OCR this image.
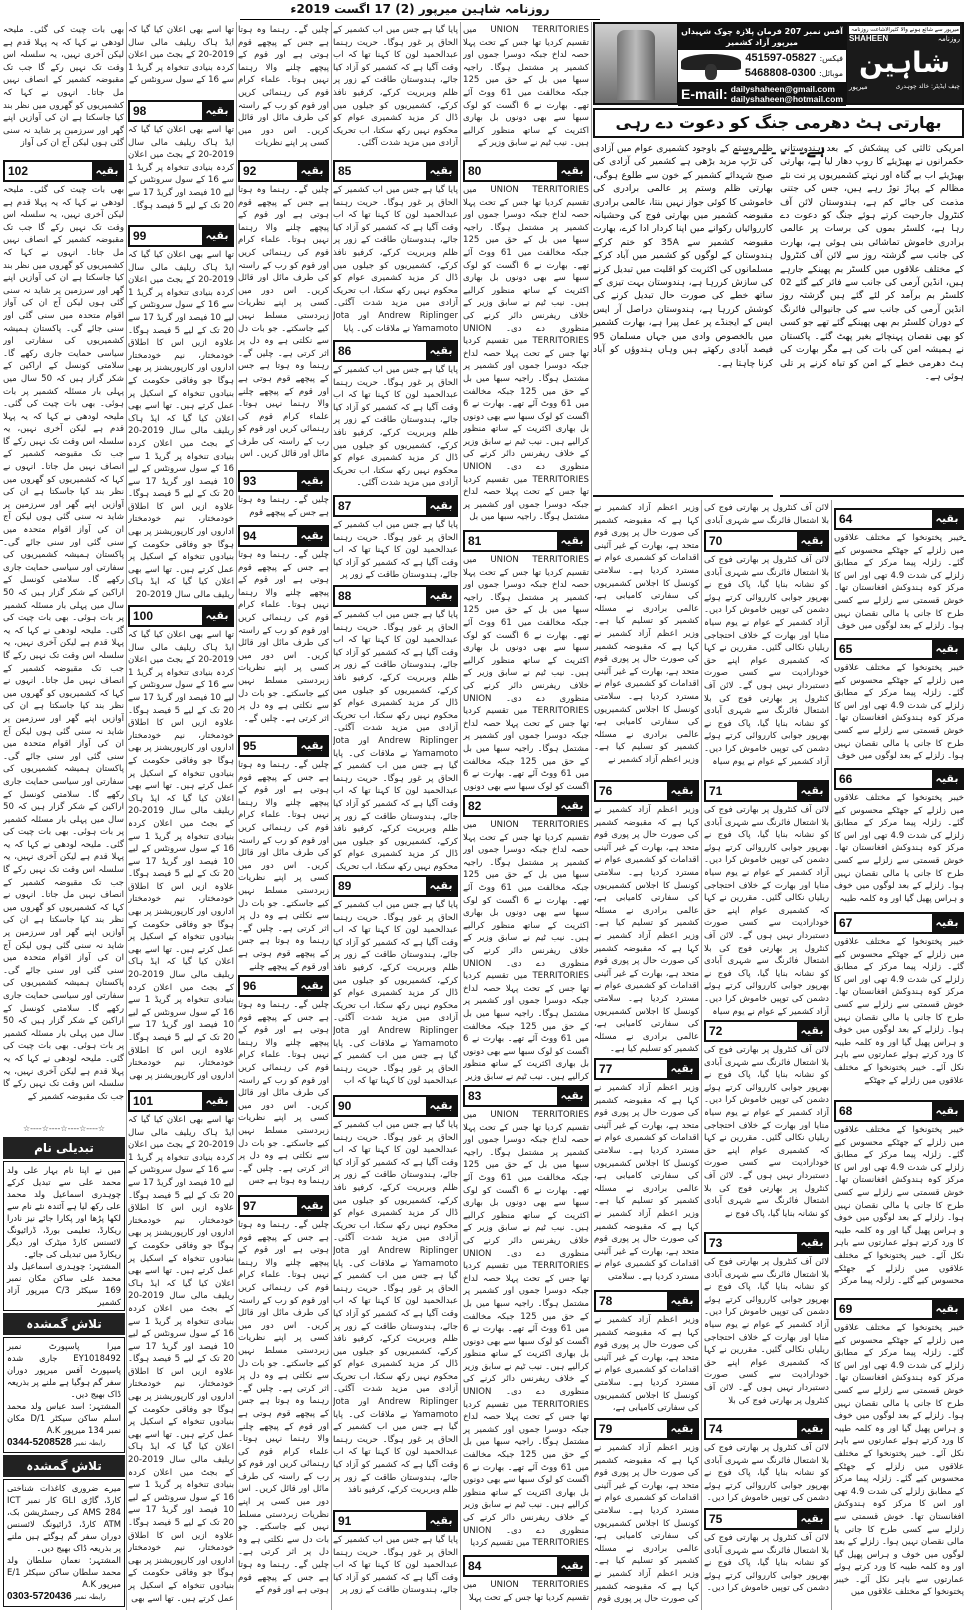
روزنامہ شاہین میرپور (2) 17 اگست 2019ء
آفس نمبر 207 فرمان پلازہ چوک شہیداں میرپور آزاد کشمیر
فیکس: 05827-451597
موبائل: 0300-5468808
E-mail: dailyshaheen@gmail.com
dailyshaheen@hotmail.com
میرپور سے شائع ہونے والا کثیرالاشاعت روزنامہ
روزنامہ
SHAHEEN
شاہین
چیف ایڈیٹر: خالد چوہدری
میرپور
بھارتی ہٹ دھرمی جنگ کو دعوت دے رہی ہے۔۔۔۔۔۔۔۔
امریکی ثالثی کی پیشکش کے بعد ہندوستانی حکمرانوں نے بھیڑیئے کا روپ دھار لیا ہے، بھارتی بھیڑیئے اب بے گناہ اور نہتے کشمیریوں پر نت نئے مظالم کے پہاڑ توڑ رہے ہیں، جس کی جتنی مذمت کی جائے کم ہے، ہندوستان لائن آف کنٹرول جارحیت کرتے ہوئے جنگ کو دعوت دے رہا ہے، کلسٹر بموں کی برسات پر عالمی برادری خاموش تماشائی بنی ہوئی ہے، بھارت کی جانب سے گزشتہ روز سے لائن آف کنٹرول کے مختلف علاقوں میں کلسٹر بم پھینکے جارہے ہیں، انڈین آرمی کی جانب سے فائر کیے گئے 02 کلسٹر بم برآمد کر لئے گئے ہیں گزشتہ روز انڈین آرمی کی جانب سے کی جانیوالی فائرنگ کے دوران کلسٹر بم بھی پھینکے گئے تھے جو کسی کو بھی نقصان پہنچائے بغیر پھٹ گئے۔ پاکستان نے ہمیشہ امن کی بات کی ہے مگر بھارت کی ہٹ دھرمی خطے کے امن کو تباہ کرنے پر تلی ہوئی ہے۔
ظلم وستم کے باوجود کشمیری عوام میں آزادی کی تڑپ مزید بڑھی ہے کشمیر کی آزادی کی صبح شہدائے کشمیر کے خون سے طلوع ہوگی، بھارتی ظلم وستم پر عالمی برادری کی خاموشی کا کوئی جواز نہیں بنتا، عالمی برادری مقبوضہ کشمیر میں بھارتی فوج کی وحشیانہ کارروائیاں رکوانے میں اپنا کردار ادا کرے، بھارت مقبوضہ کشمیر سے 35A کو ختم کرکے ہندوستان کے لوگوں کو کشمیر میں آباد کرکے مسلمانوں کی اکثریت کو اقلیت میں تبدیل کرنے کی سازش کررہا ہے، ہندوستان بہت تیزی کے ساتھ خطے کی صورت حال تبدیل کرنے کی کوشش کررہا ہے، ہندوستان دراصل آر ایس ایس کے ایجنڈے پر عمل پیرا ہے، بھارت کشمیر میں بالخصوص وادی میں جہاں مسلمان 95 فیصد آبادی رکھتے ہیں وہاں ہندوؤں کو آباد کرنا چاہتا ہے۔
64	بقیہ
خیبر پختونخوا کے مختلف علاقوں میں زلزلے کے جھٹکے محسوس کیے گئے۔ زلزلہ پیما مرکز کے مطابق زلزلے کی شدت 4.9 تھی اور اس کا مرکز کوہ ہندوکش افغانستان تھا۔ خوش قسمتی سے زلزلے سے کسی طرح کا جانی یا مالی نقصان نہیں ہوا۔ زلزلے کے بعد لوگوں میں خوف
65	بقیہ
خیبر پختونخوا کے مختلف علاقوں میں زلزلے کے جھٹکے محسوس کیے گئے۔ زلزلہ پیما مرکز کے مطابق زلزلے کی شدت 4.9 تھی اور اس کا مرکز کوہ ہندوکش افغانستان تھا۔ خوش قسمتی سے زلزلے سے کسی طرح کا جانی یا مالی نقصان نہیں ہوا۔ زلزلے کے بعد لوگوں میں خوف
66	بقیہ
خیبر پختونخوا کے مختلف علاقوں میں زلزلے کے جھٹکے محسوس کیے گئے۔ زلزلہ پیما مرکز کے مطابق زلزلے کی شدت 4.9 تھی اور اس کا مرکز کوہ ہندوکش افغانستان تھا۔ خوش قسمتی سے زلزلے سے کسی طرح کا جانی یا مالی نقصان نہیں ہوا۔ زلزلے کے بعد لوگوں میں خوف و ہراس پھیل گیا اور وہ کلمہ طیبہ
67	بقیہ
خیبر پختونخوا کے مختلف علاقوں میں زلزلے کے جھٹکے محسوس کیے گئے۔ زلزلہ پیما مرکز کے مطابق زلزلے کی شدت 4.9 تھی اور اس کا مرکز کوہ ہندوکش افغانستان تھا۔ خوش قسمتی سے زلزلے سے کسی طرح کا جانی یا مالی نقصان نہیں ہوا۔ زلزلے کے بعد لوگوں میں خوف و ہراس پھیل گیا اور وہ کلمہ طیبہ کا ورد کرتے ہوئے عمارتوں سے باہر نکل آئے۔ خیبر پختونخوا کے مختلف علاقوں میں زلزلے کے جھٹکے
68	بقیہ
خیبر پختونخوا کے مختلف علاقوں میں زلزلے کے جھٹکے محسوس کیے گئے۔ زلزلہ پیما مرکز کے مطابق زلزلے کی شدت 4.9 تھی اور اس کا مرکز کوہ ہندوکش افغانستان تھا۔ خوش قسمتی سے زلزلے سے کسی طرح کا جانی یا مالی نقصان نہیں ہوا۔ زلزلے کے بعد لوگوں میں خوف و ہراس پھیل گیا اور وہ کلمہ طیبہ کا ورد کرتے ہوئے عمارتوں سے باہر نکل آئے۔ خیبر پختونخوا کے مختلف علاقوں میں زلزلے کے جھٹکے محسوس کیے گئے۔ زلزلہ پیما مرکز
69	بقیہ
خیبر پختونخوا کے مختلف علاقوں میں زلزلے کے جھٹکے محسوس کیے گئے۔ زلزلہ پیما مرکز کے مطابق زلزلے کی شدت 4.9 تھی اور اس کا مرکز کوہ ہندوکش افغانستان تھا۔ خوش قسمتی سے زلزلے سے کسی طرح کا جانی یا مالی نقصان نہیں ہوا۔ زلزلے کے بعد لوگوں میں خوف و ہراس پھیل گیا اور وہ کلمہ طیبہ کا ورد کرتے ہوئے عمارتوں سے باہر نکل آئے۔ خیبر پختونخوا کے مختلف علاقوں میں زلزلے کے جھٹکے محسوس کیے گئے۔ زلزلہ پیما مرکز کے مطابق زلزلے کی شدت 4.9 تھی اور اس کا مرکز کوہ ہندوکش افغانستان تھا۔ خوش قسمتی سے زلزلے سے کسی طرح کا جانی یا مالی نقصان نہیں ہوا۔ زلزلے کے بعد لوگوں میں خوف و ہراس پھیل گیا اور وہ کلمہ طیبہ کا ورد کرتے ہوئے عمارتوں سے باہر نکل آئے۔ خیبر پختونخوا کے مختلف علاقوں میں
لائن آف کنٹرول پر بھارتی فوج کی بلا اشتعال فائرنگ سے شہری آبادی
70	بقیہ
لائن آف کنٹرول پر بھارتی فوج کی بلا اشتعال فائرنگ سے شہری آبادی کو نشانہ بنایا گیا، پاک فوج نے بھرپور جوابی کارروائی کرتے ہوئے دشمن کی توپیں خاموش کرا دیں۔ آزاد کشمیر کے عوام نے یوم سیاہ منایا اور بھارت کے خلاف احتجاجی ریلیاں نکالی گئیں۔ مقررین نے کہا کہ کشمیری عوام اپنے حق خودارادیت سے کسی صورت دستبردار نہیں ہوں گے۔ لائن آف کنٹرول پر بھارتی فوج کی بلا اشتعال فائرنگ سے شہری آبادی کو نشانہ بنایا گیا، پاک فوج نے بھرپور جوابی کارروائی کرتے ہوئے دشمن کی توپیں خاموش کرا دیں۔ آزاد کشمیر کے عوام نے یوم سیاہ
71	بقیہ
لائن آف کنٹرول پر بھارتی فوج کی بلا اشتعال فائرنگ سے شہری آبادی کو نشانہ بنایا گیا، پاک فوج نے بھرپور جوابی کارروائی کرتے ہوئے دشمن کی توپیں خاموش کرا دیں۔ آزاد کشمیر کے عوام نے یوم سیاہ منایا اور بھارت کے خلاف احتجاجی ریلیاں نکالی گئیں۔ مقررین نے کہا کہ کشمیری عوام اپنے حق خودارادیت سے کسی صورت دستبردار نہیں ہوں گے۔ لائن آف کنٹرول پر بھارتی فوج کی بلا اشتعال فائرنگ سے شہری آبادی کو نشانہ بنایا گیا، پاک فوج نے بھرپور جوابی کارروائی کرتے ہوئے دشمن کی توپیں خاموش کرا دیں۔ آزاد کشمیر کے عوام نے یوم سیاہ
72	بقیہ
لائن آف کنٹرول پر بھارتی فوج کی بلا اشتعال فائرنگ سے شہری آبادی کو نشانہ بنایا گیا، پاک فوج نے بھرپور جوابی کارروائی کرتے ہوئے دشمن کی توپیں خاموش کرا دیں۔ آزاد کشمیر کے عوام نے یوم سیاہ منایا اور بھارت کے خلاف احتجاجی ریلیاں نکالی گئیں۔ مقررین نے کہا کہ کشمیری عوام اپنے حق خودارادیت سے کسی صورت دستبردار نہیں ہوں گے۔ لائن آف کنٹرول پر بھارتی فوج کی بلا اشتعال فائرنگ سے شہری آبادی کو نشانہ بنایا گیا، پاک فوج نے
73	بقیہ
لائن آف کنٹرول پر بھارتی فوج کی بلا اشتعال فائرنگ سے شہری آبادی کو نشانہ بنایا گیا، پاک فوج نے بھرپور جوابی کارروائی کرتے ہوئے دشمن کی توپیں خاموش کرا دیں۔ آزاد کشمیر کے عوام نے یوم سیاہ منایا اور بھارت کے خلاف احتجاجی ریلیاں نکالی گئیں۔ مقررین نے کہا کہ کشمیری عوام اپنے حق خودارادیت سے کسی صورت دستبردار نہیں ہوں گے۔ لائن آف کنٹرول پر بھارتی فوج کی بلا
74	بقیہ
لائن آف کنٹرول پر بھارتی فوج کی بلا اشتعال فائرنگ سے شہری آبادی کو نشانہ بنایا گیا، پاک فوج نے بھرپور جوابی کارروائی کرتے ہوئے دشمن کی توپیں خاموش کرا دیں۔
75	بقیہ
لائن آف کنٹرول پر بھارتی فوج کی بلا اشتعال فائرنگ سے شہری آبادی کو نشانہ بنایا گیا، پاک فوج نے بھرپور جوابی کارروائی کرتے ہوئے دشمن کی توپیں خاموش کرا دیں۔
وزیر اعظم آزاد کشمیر نے کہا ہے کہ مقبوضہ کشمیر کی صورت حال پر پوری قوم متحد ہے، بھارت کے غیر آئینی اقدامات کو کشمیری عوام نے مسترد کردیا ہے۔ سلامتی کونسل کا اجلاس کشمیریوں کی سفارتی کامیابی ہے، عالمی برادری نے مسئلہ کشمیر کو تسلیم کیا ہے۔ وزیر اعظم آزاد کشمیر نے کہا ہے کہ مقبوضہ کشمیر کی صورت حال پر پوری قوم متحد ہے، بھارت کے غیر آئینی اقدامات کو کشمیری عوام نے مسترد کردیا ہے۔ سلامتی کونسل کا اجلاس کشمیریوں کی سفارتی کامیابی ہے، عالمی برادری نے مسئلہ کشمیر کو تسلیم کیا ہے۔ وزیر اعظم آزاد کشمیر نے
76	بقیہ
وزیر اعظم آزاد کشمیر نے کہا ہے کہ مقبوضہ کشمیر کی صورت حال پر پوری قوم متحد ہے، بھارت کے غیر آئینی اقدامات کو کشمیری عوام نے مسترد کردیا ہے۔ سلامتی کونسل کا اجلاس کشمیریوں کی سفارتی کامیابی ہے، عالمی برادری نے مسئلہ کشمیر کو تسلیم کیا ہے۔ وزیر اعظم آزاد کشمیر نے کہا ہے کہ مقبوضہ کشمیر کی صورت حال پر پوری قوم متحد ہے، بھارت کے غیر آئینی اقدامات کو کشمیری عوام نے مسترد کردیا ہے۔ سلامتی کونسل کا اجلاس کشمیریوں کی سفارتی کامیابی ہے، عالمی برادری نے مسئلہ کشمیر کو تسلیم کیا ہے۔
77	بقیہ
وزیر اعظم آزاد کشمیر نے کہا ہے کہ مقبوضہ کشمیر کی صورت حال پر پوری قوم متحد ہے، بھارت کے غیر آئینی اقدامات کو کشمیری عوام نے مسترد کردیا ہے۔ سلامتی کونسل کا اجلاس کشمیریوں کی سفارتی کامیابی ہے، عالمی برادری نے مسئلہ کشمیر کو تسلیم کیا ہے۔ وزیر اعظم آزاد کشمیر نے کہا ہے کہ مقبوضہ کشمیر کی صورت حال پر پوری قوم متحد ہے، بھارت کے غیر آئینی اقدامات کو کشمیری عوام نے مسترد کردیا ہے۔ سلامتی
78	بقیہ
وزیر اعظم آزاد کشمیر نے کہا ہے کہ مقبوضہ کشمیر کی صورت حال پر پوری قوم متحد ہے، بھارت کے غیر آئینی اقدامات کو کشمیری عوام نے مسترد کردیا ہے۔ سلامتی کونسل کا اجلاس کشمیریوں کی سفارتی کامیابی ہے،
79	بقیہ
وزیر اعظم آزاد کشمیر نے کہا ہے کہ مقبوضہ کشمیر کی صورت حال پر پوری قوم متحد ہے، بھارت کے غیر آئینی اقدامات کو کشمیری عوام نے مسترد کردیا ہے۔ سلامتی کونسل کا اجلاس کشمیریوں کی سفارتی کامیابی ہے، عالمی برادری نے مسئلہ کشمیر کو تسلیم کیا ہے۔ وزیر اعظم آزاد کشمیر نے کہا ہے کہ مقبوضہ کشمیر کی صورت حال پر پوری قوم
UNION TERRITORIES میں تقسیم کردیا تھا جس کے تحت پہلا حصہ لداخ جبکہ دوسرا جموں اور کشمیر پر مشتمل ہوگا۔ راجیہ سبھا میں بل کے حق میں 125 جبکہ مخالفت میں 61 ووٹ آئے تھے۔ بھارت نے 6 اگست کو لوک سبھا سے بھی دونوں بل بھاری اکثریت کے ساتھ منظور کرالیے ہیں۔ نیب ٹیم نے سابق وزیر کے
80	بقیہ
UNION TERRITORIES میں تقسیم کردیا تھا جس کے تحت پہلا حصہ لداخ جبکہ دوسرا جموں اور کشمیر پر مشتمل ہوگا۔ راجیہ سبھا میں بل کے حق میں 125 جبکہ مخالفت میں 61 ووٹ آئے تھے۔ بھارت نے 6 اگست کو لوک سبھا سے بھی دونوں بل بھاری اکثریت کے ساتھ منظور کرالیے ہیں۔ نیب ٹیم نے سابق وزیر کے خلاف ریفرنس دائر کرنے کی منظوری دے دی۔ UNION TERRITORIES میں تقسیم کردیا تھا جس کے تحت پہلا حصہ لداخ جبکہ دوسرا جموں اور کشمیر پر مشتمل ہوگا۔ راجیہ سبھا میں بل کے حق میں 125 جبکہ مخالفت میں 61 ووٹ آئے تھے۔ بھارت نے 6 اگست کو لوک سبھا سے بھی دونوں بل بھاری اکثریت کے ساتھ منظور کرالیے ہیں۔ نیب ٹیم نے سابق وزیر کے خلاف ریفرنس دائر کرنے کی منظوری دے دی۔ UNION TERRITORIES میں تقسیم کردیا تھا جس کے تحت پہلا حصہ لداخ جبکہ دوسرا جموں اور کشمیر پر مشتمل ہوگا۔ راجیہ سبھا میں بل
81	بقیہ
UNION TERRITORIES میں تقسیم کردیا تھا جس کے تحت پہلا حصہ لداخ جبکہ دوسرا جموں اور کشمیر پر مشتمل ہوگا۔ راجیہ سبھا میں بل کے حق میں 125 جبکہ مخالفت میں 61 ووٹ آئے تھے۔ بھارت نے 6 اگست کو لوک سبھا سے بھی دونوں بل بھاری اکثریت کے ساتھ منظور کرالیے ہیں۔ نیب ٹیم نے سابق وزیر کے خلاف ریفرنس دائر کرنے کی منظوری دے دی۔ UNION TERRITORIES میں تقسیم کردیا تھا جس کے تحت پہلا حصہ لداخ جبکہ دوسرا جموں اور کشمیر پر مشتمل ہوگا۔ راجیہ سبھا میں بل کے حق میں 125 جبکہ مخالفت میں 61 ووٹ آئے تھے۔ بھارت نے 6 اگست کو لوک سبھا سے بھی دونوں
82	بقیہ
UNION TERRITORIES میں تقسیم کردیا تھا جس کے تحت پہلا حصہ لداخ جبکہ دوسرا جموں اور کشمیر پر مشتمل ہوگا۔ راجیہ سبھا میں بل کے حق میں 125 جبکہ مخالفت میں 61 ووٹ آئے تھے۔ بھارت نے 6 اگست کو لوک سبھا سے بھی دونوں بل بھاری اکثریت کے ساتھ منظور کرالیے ہیں۔ نیب ٹیم نے سابق وزیر کے خلاف ریفرنس دائر کرنے کی منظوری دے دی۔ UNION TERRITORIES میں تقسیم کردیا تھا جس کے تحت پہلا حصہ لداخ جبکہ دوسرا جموں اور کشمیر پر مشتمل ہوگا۔ راجیہ سبھا میں بل کے حق میں 125 جبکہ مخالفت میں 61 ووٹ آئے تھے۔ بھارت نے 6 اگست کو لوک سبھا سے بھی دونوں بل بھاری اکثریت کے ساتھ منظور کرالیے ہیں۔ نیب ٹیم نے سابق وزیر
83	بقیہ
UNION TERRITORIES میں تقسیم کردیا تھا جس کے تحت پہلا حصہ لداخ جبکہ دوسرا جموں اور کشمیر پر مشتمل ہوگا۔ راجیہ سبھا میں بل کے حق میں 125 جبکہ مخالفت میں 61 ووٹ آئے تھے۔ بھارت نے 6 اگست کو لوک سبھا سے بھی دونوں بل بھاری اکثریت کے ساتھ منظور کرالیے ہیں۔ نیب ٹیم نے سابق وزیر کے خلاف ریفرنس دائر کرنے کی منظوری دے دی۔ UNION TERRITORIES میں تقسیم کردیا تھا جس کے تحت پہلا حصہ لداخ جبکہ دوسرا جموں اور کشمیر پر مشتمل ہوگا۔ راجیہ سبھا میں بل کے حق میں 125 جبکہ مخالفت میں 61 ووٹ آئے تھے۔ بھارت نے 6 اگست کو لوک سبھا سے بھی دونوں بل بھاری اکثریت کے ساتھ منظور کرالیے ہیں۔ نیب ٹیم نے سابق وزیر کے خلاف ریفرنس دائر کرنے کی منظوری دے دی۔ UNION TERRITORIES میں تقسیم کردیا تھا جس کے تحت پہلا حصہ لداخ جبکہ دوسرا جموں اور کشمیر پر مشتمل ہوگا۔ راجیہ سبھا میں بل کے حق میں 125 جبکہ مخالفت میں 61 ووٹ آئے تھے۔ بھارت نے 6 اگست کو لوک سبھا سے بھی دونوں بل بھاری اکثریت کے ساتھ منظور کرالیے ہیں۔ نیب ٹیم نے سابق وزیر کے خلاف ریفرنس دائر کرنے کی منظوری دے دی۔ UNION TERRITORIES میں تقسیم کردیا
84	بقیہ
UNION TERRITORIES میں تقسیم کردیا تھا جس کے تحت پہلا
پایا گیا ہے جس میں اب کشمیر کے الحاق پر غور ہوگا۔ حریت رہنما عبدالحمید لون کا کہنا تھا کہ اب وقت آگیا ہے کہ کشمیر کو آزاد کیا جائے، ہندوستان طاقت کے زور پر ظلم وبربریت کرکے، کرفیو نافذ کرکے، کشمیریوں کو جیلوں میں ڈال کر مزید کشمیری عوام کو محکوم نہیں رکھ سکتا، اب تحریک آزادی میں مزید شدت آگئی۔
85	بقیہ
پایا گیا ہے جس میں اب کشمیر کے الحاق پر غور ہوگا۔ حریت رہنما عبدالحمید لون کا کہنا تھا کہ اب وقت آگیا ہے کہ کشمیر کو آزاد کیا جائے، ہندوستان طاقت کے زور پر ظلم وبربریت کرکے، کرفیو نافذ کرکے، کشمیریوں کو جیلوں میں ڈال کر مزید کشمیری عوام کو محکوم نہیں رکھ سکتا، اب تحریک آزادی میں مزید شدت آگئی۔ Andrew Riplinger اور Jota Yamamoto نے ملاقات کی۔ پایا
86	بقیہ
پایا گیا ہے جس میں اب کشمیر کے الحاق پر غور ہوگا۔ حریت رہنما عبدالحمید لون کا کہنا تھا کہ اب وقت آگیا ہے کہ کشمیر کو آزاد کیا جائے، ہندوستان طاقت کے زور پر ظلم وبربریت کرکے، کرفیو نافذ کرکے، کشمیریوں کو جیلوں میں ڈال کر مزید کشمیری عوام کو محکوم نہیں رکھ سکتا، اب تحریک آزادی میں مزید شدت آگئی۔
87	بقیہ
پایا گیا ہے جس میں اب کشمیر کے الحاق پر غور ہوگا۔ حریت رہنما عبدالحمید لون کا کہنا تھا کہ اب وقت آگیا ہے کہ کشمیر کو آزاد کیا جائے، ہندوستان طاقت کے زور پر
88	بقیہ
پایا گیا ہے جس میں اب کشمیر کے الحاق پر غور ہوگا۔ حریت رہنما عبدالحمید لون کا کہنا تھا کہ اب وقت آگیا ہے کہ کشمیر کو آزاد کیا جائے، ہندوستان طاقت کے زور پر ظلم وبربریت کرکے، کرفیو نافذ کرکے، کشمیریوں کو جیلوں میں ڈال کر مزید کشمیری عوام کو محکوم نہیں رکھ سکتا، اب تحریک آزادی میں مزید شدت آگئی۔ Andrew Riplinger اور Jota Yamamoto نے ملاقات کی۔ پایا گیا ہے جس میں اب کشمیر کے الحاق پر غور ہوگا۔ حریت رہنما عبدالحمید لون کا کہنا تھا کہ اب وقت آگیا ہے کہ کشمیر کو آزاد کیا جائے، ہندوستان طاقت کے زور پر ظلم وبربریت کرکے، کرفیو نافذ کرکے، کشمیریوں کو جیلوں میں ڈال کر مزید کشمیری عوام کو محکوم نہیں رکھ سکتا، اب تحریک
89	بقیہ
پایا گیا ہے جس میں اب کشمیر کے الحاق پر غور ہوگا۔ حریت رہنما عبدالحمید لون کا کہنا تھا کہ اب وقت آگیا ہے کہ کشمیر کو آزاد کیا جائے، ہندوستان طاقت کے زور پر ظلم وبربریت کرکے، کرفیو نافذ کرکے، کشمیریوں کو جیلوں میں ڈال کر مزید کشمیری عوام کو محکوم نہیں رکھ سکتا، اب تحریک آزادی میں مزید شدت آگئی۔ Andrew Riplinger اور Jota Yamamoto نے ملاقات کی۔ پایا گیا ہے جس میں اب کشمیر کے الحاق پر غور ہوگا۔ حریت رہنما عبدالحمید لون کا کہنا تھا کہ اب
90	بقیہ
پایا گیا ہے جس میں اب کشمیر کے الحاق پر غور ہوگا۔ حریت رہنما عبدالحمید لون کا کہنا تھا کہ اب وقت آگیا ہے کہ کشمیر کو آزاد کیا جائے، ہندوستان طاقت کے زور پر ظلم وبربریت کرکے، کرفیو نافذ کرکے، کشمیریوں کو جیلوں میں ڈال کر مزید کشمیری عوام کو محکوم نہیں رکھ سکتا، اب تحریک آزادی میں مزید شدت آگئی۔ Andrew Riplinger اور Jota Yamamoto نے ملاقات کی۔ پایا گیا ہے جس میں اب کشمیر کے الحاق پر غور ہوگا۔ حریت رہنما عبدالحمید لون کا کہنا تھا کہ اب وقت آگیا ہے کہ کشمیر کو آزاد کیا جائے، ہندوستان طاقت کے زور پر ظلم وبربریت کرکے، کرفیو نافذ کرکے، کشمیریوں کو جیلوں میں ڈال کر مزید کشمیری عوام کو محکوم نہیں رکھ سکتا، اب تحریک آزادی میں مزید شدت آگئی۔ Andrew Riplinger اور Jota Yamamoto نے ملاقات کی۔ پایا گیا ہے جس میں اب کشمیر کے الحاق پر غور ہوگا۔ حریت رہنما عبدالحمید لون کا کہنا تھا کہ اب وقت آگیا ہے کہ کشمیر کو آزاد کیا جائے، ہندوستان طاقت کے زور پر ظلم وبربریت کرکے، کرفیو نافذ
91	بقیہ
پایا گیا ہے جس میں اب کشمیر کے الحاق پر غور ہوگا۔ حریت رہنما عبدالحمید لون کا کہنا تھا کہ اب وقت آگیا ہے کہ کشمیر کو آزاد کیا جائے، ہندوستان طاقت کے زور پر
چلیں گے۔ رہنما وہ ہوتا ہے جس کے پیچھے قوم ہوتی ہے اور قوم کے پیچھے چلنے والا رہنما نہیں ہوتا۔ علماء کرام قوم کی رہنمائی کریں اور قوم کو رب کے راستہ کی طرف مائل اور قائل کریں۔ اس دور میں کسی پر اپنے نظریات
92	بقیہ
چلیں گے۔ رہنما وہ ہوتا ہے جس کے پیچھے قوم ہوتی ہے اور قوم کے پیچھے چلنے والا رہنما نہیں ہوتا۔ علماء کرام قوم کی رہنمائی کریں اور قوم کو رب کے راستہ کی طرف مائل اور قائل کریں۔ اس دور میں کسی پر اپنے نظریات زبردستی مسلط نہیں کیے جاسکتے۔ جو بات دل سے نکلتی ہے وہ دل پر اثر کرتی ہے۔ چلیں گے۔ رہنما وہ ہوتا ہے جس کے پیچھے قوم ہوتی ہے اور قوم کے پیچھے چلنے والا رہنما نہیں ہوتا۔ علماء کرام قوم کی رہنمائی کریں اور قوم کو رب کے راستہ کی طرف مائل اور قائل کریں۔ اس
93	بقیہ
چلیں گے۔ رہنما وہ ہوتا ہے جس کے پیچھے قوم
94	بقیہ
چلیں گے۔ رہنما وہ ہوتا ہے جس کے پیچھے قوم ہوتی ہے اور قوم کے پیچھے چلنے والا رہنما نہیں ہوتا۔ علماء کرام قوم کی رہنمائی کریں اور قوم کو رب کے راستہ کی طرف مائل اور قائل کریں۔ اس دور میں کسی پر اپنے نظریات زبردستی مسلط نہیں کیے جاسکتے۔ جو بات دل سے نکلتی ہے وہ دل پر اثر کرتی ہے۔ چلیں گے۔
95	بقیہ
چلیں گے۔ رہنما وہ ہوتا ہے جس کے پیچھے قوم ہوتی ہے اور قوم کے پیچھے چلنے والا رہنما نہیں ہوتا۔ علماء کرام قوم کی رہنمائی کریں اور قوم کو رب کے راستہ کی طرف مائل اور قائل کریں۔ اس دور میں کسی پر اپنے نظریات زبردستی مسلط نہیں کیے جاسکتے۔ جو بات دل سے نکلتی ہے وہ دل پر اثر کرتی ہے۔ چلیں گے۔ رہنما وہ ہوتا ہے جس کے پیچھے قوم ہوتی ہے اور قوم کے پیچھے چلنے
96	بقیہ
چلیں گے۔ رہنما وہ ہوتا ہے جس کے پیچھے قوم ہوتی ہے اور قوم کے پیچھے چلنے والا رہنما نہیں ہوتا۔ علماء کرام قوم کی رہنمائی کریں اور قوم کو رب کے راستہ کی طرف مائل اور قائل کریں۔ اس دور میں کسی پر اپنے نظریات زبردستی مسلط نہیں کیے جاسکتے۔ جو بات دل سے نکلتی ہے وہ دل پر اثر کرتی ہے۔ چلیں گے۔ رہنما وہ ہوتا ہے جس
97	بقیہ
چلیں گے۔ رہنما وہ ہوتا ہے جس کے پیچھے قوم ہوتی ہے اور قوم کے پیچھے چلنے والا رہنما نہیں ہوتا۔ علماء کرام قوم کی رہنمائی کریں اور قوم کو رب کے راستہ کی طرف مائل اور قائل کریں۔ اس دور میں کسی پر اپنے نظریات زبردستی مسلط نہیں کیے جاسکتے۔ جو بات دل سے نکلتی ہے وہ دل پر اثر کرتی ہے۔ چلیں گے۔ رہنما وہ ہوتا ہے جس کے پیچھے قوم ہوتی ہے اور قوم کے پیچھے چلنے والا رہنما نہیں ہوتا۔ علماء کرام قوم کی رہنمائی کریں اور قوم کو رب کے راستہ کی طرف مائل اور قائل کریں۔ اس دور میں کسی پر اپنے نظریات زبردستی مسلط نہیں کیے جاسکتے۔ جو بات دل سے نکلتی ہے وہ دل پر اثر کرتی ہے۔ چلیں گے۔ رہنما وہ ہوتا ہے جس کے پیچھے قوم ہوتی ہے اور قوم کے
تھا اسے بھی اعلان کیا گیا کہ ایڈ ہاک ریلیف مالی سال 2019-20 کے بجٹ میں اعلان کردہ بنیادی تنخواہ پر گریڈ 1 سے 16 کے سول سرونٹس کے
98	بقیہ
تھا اسے بھی اعلان کیا گیا کہ ایڈ ہاک ریلیف مالی سال 2019-20 کے بجٹ میں اعلان کردہ بنیادی تنخواہ پر گریڈ 1 سے 16 کے سول سرونٹس کے لیے 10 فیصد اور گریڈ 17 سے 20 تک کے لیے 5 فیصد ہوگا۔
99	بقیہ
تھا اسے بھی اعلان کیا گیا کہ ایڈ ہاک ریلیف مالی سال 2019-20 کے بجٹ میں اعلان کردہ بنیادی تنخواہ پر گریڈ 1 سے 16 کے سول سرونٹس کے لیے 10 فیصد اور گریڈ 17 سے 20 تک کے لیے 5 فیصد ہوگا۔ علاوہ ازیں اس کا اطلاق خودمختار، نیم خودمختار اداروں اور کارپوریشنز پر بھی ہوگا جو وفاقی حکومت کے بنیادوں تنخواہ کے اسکیل پر عمل کرتے ہیں۔ تھا اسے بھی اعلان کیا گیا کہ ایڈ ہاک ریلیف مالی سال 2019-20 کے بجٹ میں اعلان کردہ بنیادی تنخواہ پر گریڈ 1 سے 16 کے سول سرونٹس کے لیے 10 فیصد اور گریڈ 17 سے 20 تک کے لیے 5 فیصد ہوگا۔ علاوہ ازیں اس کا اطلاق خودمختار، نیم خودمختار اداروں اور کارپوریشنز پر بھی ہوگا جو وفاقی حکومت کے بنیادوں تنخواہ کے اسکیل پر عمل کرتے ہیں۔ تھا اسے بھی اعلان کیا گیا کہ ایڈ ہاک ریلیف مالی سال 2019-20
100	بقیہ
تھا اسے بھی اعلان کیا گیا کہ ایڈ ہاک ریلیف مالی سال 2019-20 کے بجٹ میں اعلان کردہ بنیادی تنخواہ پر گریڈ 1 سے 16 کے سول سرونٹس کے لیے 10 فیصد اور گریڈ 17 سے 20 تک کے لیے 5 فیصد ہوگا۔ علاوہ ازیں اس کا اطلاق خودمختار، نیم خودمختار اداروں اور کارپوریشنز پر بھی ہوگا جو وفاقی حکومت کے بنیادوں تنخواہ کے اسکیل پر عمل کرتے ہیں۔ تھا اسے بھی اعلان کیا گیا کہ ایڈ ہاک ریلیف مالی سال 2019-20 کے بجٹ میں اعلان کردہ بنیادی تنخواہ پر گریڈ 1 سے 16 کے سول سرونٹس کے لیے 10 فیصد اور گریڈ 17 سے 20 تک کے لیے 5 فیصد ہوگا۔ علاوہ ازیں اس کا اطلاق خودمختار، نیم خودمختار اداروں اور کارپوریشنز پر بھی ہوگا جو وفاقی حکومت کے بنیادوں تنخواہ کے اسکیل پر عمل کرتے ہیں۔ تھا اسے بھی اعلان کیا گیا کہ ایڈ ہاک ریلیف مالی سال 2019-20 کے بجٹ میں اعلان کردہ بنیادی تنخواہ پر گریڈ 1 سے 16 کے سول سرونٹس کے لیے 10 فیصد اور گریڈ 17 سے 20 تک کے لیے 5 فیصد ہوگا۔ علاوہ ازیں اس کا اطلاق خودمختار، نیم خودمختار اداروں اور کارپوریشنز پر بھی
101	بقیہ
تھا اسے بھی اعلان کیا گیا کہ ایڈ ہاک ریلیف مالی سال 2019-20 کے بجٹ میں اعلان کردہ بنیادی تنخواہ پر گریڈ 1 سے 16 کے سول سرونٹس کے لیے 10 فیصد اور گریڈ 17 سے 20 تک کے لیے 5 فیصد ہوگا۔ علاوہ ازیں اس کا اطلاق خودمختار، نیم خودمختار اداروں اور کارپوریشنز پر بھی ہوگا جو وفاقی حکومت کے بنیادوں تنخواہ کے اسکیل پر عمل کرتے ہیں۔ تھا اسے بھی اعلان کیا گیا کہ ایڈ ہاک ریلیف مالی سال 2019-20 کے بجٹ میں اعلان کردہ بنیادی تنخواہ پر گریڈ 1 سے 16 کے سول سرونٹس کے لیے 10 فیصد اور گریڈ 17 سے 20 تک کے لیے 5 فیصد ہوگا۔ علاوہ ازیں اس کا اطلاق خودمختار، نیم خودمختار اداروں اور کارپوریشنز پر بھی ہوگا جو وفاقی حکومت کے بنیادوں تنخواہ کے اسکیل پر عمل کرتے ہیں۔ تھا اسے بھی اعلان کیا گیا کہ ایڈ ہاک ریلیف مالی سال 2019-20 کے بجٹ میں اعلان کردہ بنیادی تنخواہ پر گریڈ 1 سے 16 کے سول سرونٹس کے لیے 10 فیصد اور گریڈ 17 سے 20 تک کے لیے 5 فیصد ہوگا۔ علاوہ ازیں اس کا اطلاق خودمختار، نیم خودمختار اداروں اور کارپوریشنز پر بھی ہوگا جو وفاقی حکومت کے بنیادوں تنخواہ کے اسکیل پر عمل کرتے ہیں۔ تھا اسے بھی
بھی بات چیت کی گئی۔ ملیحہ لودھی نے کہا کہ یہ پہلا قدم ہے لیکن آخری نہیں، یہ سلسلہ اس وقت تک نہیں رکے گا جب تک مقبوضہ کشمیر کے انصاف نہیں مل جاتا۔ انہوں نے کہا کہ کشمیریوں کو گھروں میں نظر بند کیا جاسکتا ہے ان کی آوازیں اپنے گھر اور سرزمین پر شاید نہ سنی گئی ہوں لیکن آج ان کی آواز
102	بقیہ
بھی بات چیت کی گئی۔ ملیحہ لودھی نے کہا کہ یہ پہلا قدم ہے لیکن آخری نہیں، یہ سلسلہ اس وقت تک نہیں رکے گا جب تک مقبوضہ کشمیر کے انصاف نہیں مل جاتا۔ انہوں نے کہا کہ کشمیریوں کو گھروں میں نظر بند کیا جاسکتا ہے ان کی آوازیں اپنے گھر اور سرزمین پر شاید نہ سنی گئی ہوں لیکن آج ان کی آواز اقوام متحدہ میں سنی گئی اور سنی جائے گی۔ پاکستان ہمیشہ کشمیریوں کی سفارتی اور سیاسی حمایت جاری رکھے گا۔ سلامتی کونسل کے اراکین کے شکر گزار ہیں کہ 50 سال میں پہلی بار مسئلہ کشمیر پر بات ہوئی۔ بھی بات چیت کی گئی۔ ملیحہ لودھی نے کہا کہ یہ پہلا قدم ہے لیکن آخری نہیں، یہ سلسلہ اس وقت تک نہیں رکے گا جب تک مقبوضہ کشمیر کے انصاف نہیں مل جاتا۔ انہوں نے کہا کہ کشمیریوں کو گھروں میں نظر بند کیا جاسکتا ہے ان کی آوازیں اپنے گھر اور سرزمین پر شاید نہ سنی گئی ہوں لیکن آج ان کی آواز اقوام متحدہ میں سنی گئی اور سنی جائے گی۔ پاکستان ہمیشہ کشمیریوں کی سفارتی اور سیاسی حمایت جاری رکھے گا۔ سلامتی کونسل کے اراکین کے شکر گزار ہیں کہ 50 سال میں پہلی بار مسئلہ کشمیر پر بات ہوئی۔ بھی بات چیت کی گئی۔ ملیحہ لودھی نے کہا کہ یہ پہلا قدم ہے لیکن آخری نہیں، یہ سلسلہ اس وقت تک نہیں رکے گا جب تک مقبوضہ کشمیر کے انصاف نہیں مل جاتا۔ انہوں نے کہا کہ کشمیریوں کو گھروں میں نظر بند کیا جاسکتا ہے ان کی آوازیں اپنے گھر اور سرزمین پر شاید نہ سنی گئی ہوں لیکن آج ان کی آواز اقوام متحدہ میں سنی گئی اور سنی جائے گی۔ پاکستان ہمیشہ کشمیریوں کی سفارتی اور سیاسی حمایت جاری رکھے گا۔ سلامتی کونسل کے اراکین کے شکر گزار ہیں کہ 50 سال میں پہلی بار مسئلہ کشمیر پر بات ہوئی۔ بھی بات چیت کی گئی۔ ملیحہ لودھی نے کہا کہ یہ پہلا قدم ہے لیکن آخری نہیں، یہ سلسلہ اس وقت تک نہیں رکے گا جب تک مقبوضہ کشمیر کے انصاف نہیں مل جاتا۔ انہوں نے کہا کہ کشمیریوں کو گھروں میں نظر بند کیا جاسکتا ہے ان کی آوازیں اپنے گھر اور سرزمین پر شاید نہ سنی گئی ہوں لیکن آج ان کی آواز اقوام متحدہ میں سنی گئی اور سنی جائے گی۔ پاکستان ہمیشہ کشمیریوں کی سفارتی اور سیاسی حمایت جاری رکھے گا۔ سلامتی کونسل کے اراکین کے شکر گزار ہیں کہ 50 سال میں پہلی بار مسئلہ کشمیر پر بات ہوئی۔ بھی بات چیت کی گئی۔ ملیحہ لودھی نے کہا کہ یہ پہلا قدم ہے لیکن آخری نہیں، یہ سلسلہ اس وقت تک نہیں رکے گا جب تک مقبوضہ کشمیر کے
☆----☆----☆----☆----☆
تبدیلی نام
میں نے اپنا نام بہار علی ولد محمد علی سے تبدیل کرکے چوہدری اسماعیل ولد محمد علی رکھ لیا ہے آئندہ نئے نام سے لکھا پڑھا اور پکارا جائے نیز نادرا ریکارڈ، تعلیمی بورڈ، ڈرائیونگ لائسنس کارڈ میٹرک اور دیگر ریکارڈ میں تبدیلی کی جائے۔
المشتہر: چوہدری اسماعیل ولد محمد علی ساکن مکان نمبر 169 سیکٹر C/3 میرپور آزاد کشمیر
تلاش گمشدہ
میرا پاسپورٹ نمبر EY1018492 جاری شدہ پاسپورٹ آفس میرپور دوران سفر گم ہوگیا ہے ملنے پر بذریعہ ڈاک بھیج دیں۔
المشتہر: اسد عباس ولد محمد اسلم ساکن سیکٹر D/1 مکان نمبر 134 میرپور A.K
0344-5208528 رابطہ نمبر
تلاش گمشدہ
میرے ضروری کاغذات شناختی کارڈ، گاڑی GLI کار نمبر ICT AMS 284 کی رجسٹریشن بک، ATM کارڈ، ڈرائیونگ لائسنس دوران سفر گم ہوگئے ہیں ملنے پر بذریعہ ڈاک بھیج دیں۔
المشتہر: نعمان سلطان ولد محمد سلطان ساکن سیکٹر E/1 میرپور A.K
0303-5720436 رابطہ نمبر
